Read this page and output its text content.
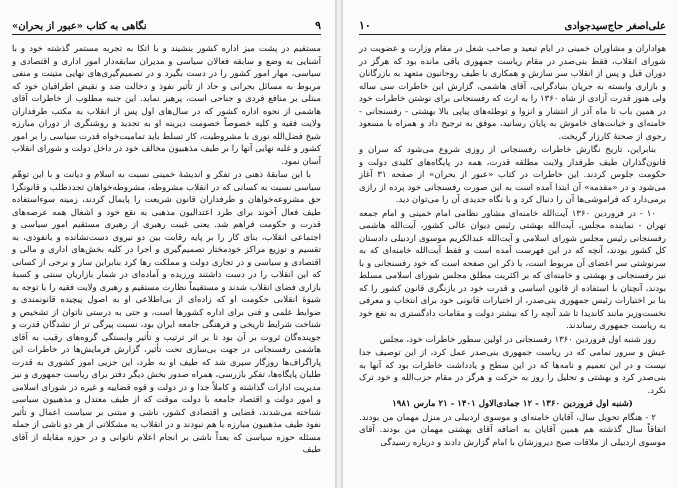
۹
نگاهی به کتاب «عبور از بحران»

مستقیم در پشت میز اداره کشور بنشیند و با اتکا به تجربه مستمر گذشته خود و با آشنایی به وضع و سابقه فعالان سیاسی و مدیران سابقه‌دار امور اداری و اقتصادی و سیاسی، مهار امور کشور را در دست بگیرد و در تصمیم‌گیری‌های نهایی متینت و منفی مربوط به مسائل بحرانی و حاد از تأثیر نفوذ و دخالت ضد و نقیض اطرافیان خود که مبتلی بر منافع فردی و جناحی است، پرهیز نماید. این جنبه مطلوب از خاطرات آقای هاشمی از نحوه اداره کشور که در سال‌های اول پس از انقلاب به مکتب طرفداران ولایت فقیه و کلیه خصوصاً خصومت دیرینه او به تجدید و روشنگری از دوران مبارزه شیخ فضل‌الله نوری با مشروطیت، کار تسلط باید تمامیت‌خواه قدرت سیاسی را بر امور کشور و غلبه نهایی آنها را بر طیف مذهبیون مخالف خود در داخل دولت و شورای انقلاب آسان نمود.

با این سابقهٔ ذهنی در تفکر و اندیشهٔ خمینی نسبت به اسلام و دیانت و با این توهّم سیاسی نسبت به کسانی که در انقلاب مشروطه، مشروطه‌خواهان تجددطلب و قانونگرا حق مشروعه‌خواهان و طرفداران قانون شریعت را پایمال کردند، زمینه سوءاستفاده طیف فعال آخوند برای طرد اعتدالیون مذهبی به نقع خود و اشغال همه عرصه‌های قدرت و حکومت فراهم شد. یعنی غیبت رهبری از رهبری مستقیم امور سیاسی و اجتماعی انقلاب، بنای کار را بر پایه رقابت بین دو نیروی دست‌نشانده و بانفوذی، به تقسیم و توزیع مراکز خودمختار تصمیم‌گیری و اجرا در کلیه بخش‌های اداری و مالی و اقتصادی و سیاسی و در تجاری دولت و مملکت رها کرد بنابراین ساز و برخی از کسانی که این انقلاب را در دست داشتند ورزیده و آماده‌ای در شمار بازاریان سنتی و کسبهٔ بازاری فضای انقلاب شدند و مستقیماً نظارت مستقیم و رهبری ولایت فقیه را با توجه به شیوهٔ انقلابی حکومت او که زاده‌ای از بی‌اطلاعی او به اصول پیچیده قانونمندی و ضوابط علمی و فنی برای اداره کشورها است، و حتی به درستی ناتوان از تشخیص و شناخت شرایط تاریخی و فرهنگی جامعه ایران بود، نسبت پیرگی تر از نشدگان قدرت و جوینده‌گان ثروت بر آن بود تا بر اثر ترتیب و تأثیر وابستگی گروه‌های رقیب به آقای هاشمی رفسنجانی در جهت بی‌سازی تحت تأثیر، گزارش فرمایش‌ها در خاطرات این پاراگراف‌ها روزگار سپری شد که طیف او به طرد، این جزیی امور کشوری به قدرت طلبان پایگاه‌ها، تفکر بازرسی، همراه صدور بخش دیگر دفتر برای ریاست جمهوری و نیز مدیریت ادارات گذاشته و کاملاً جدا و در دولت و قوه قضاییه و غیره در شورای اسلامی و امور دولت و اقتصاد جامعه با دولت موقت که از طیف معتدل و مذهبیون سیاسی شناخته می‌شدند، قضایی و اقتصادی کشور، ناشی و مبتنی بر سیاست اعمال و تأثیر نفوذ طیف مذهبیون مبارزه با هم نبودند و در انقلاب به مشکلاتی از هر دو ناشی از جمله مسئله حوزه سیاسی که بعداً ناشی بر انجام اعلام ناتوانی و در حوزه مقابله از آقای طیف

علی‌اصغر حاج‌سیدجوادی
۱۰

هواداران و مشاوران خمینی در ایام تبعید و صاحب شغل در مقام وزارت و عضویت در شورای انقلاب، فقط بنی‌صدر در مقام ریاست جمهوری باقی مانده بود که هرگز در دوران قبل و پس از انقلاب سر سازش و همکاری با طیف روحانیون متعهد به بازرگانان و بازاری وابسته به جریان بنیادگرایی، آقای هاشمی، گزارش این خاطرات سی ساله ولی هنوز قدرت آزادی از شاه ۱۳۶۰ را به ارث که رفسنجانی برای نوشتن خاطرات خود در همین باب تا ماه آذر از انتشار و انزوا و توطئه‌های پیاپی بالا بهشتی - رفسنجانی - خامنه‌ای و خیانت‌های خاموش به پایان رسانید، موفق به ترجیح داد و همراه با مسعود رجوی از صحنهٔ کارزار گریخت.

بنابراین، تاریخ نگارش خاطرات رفسنجانی از روزی شروع می‌شود که سران و قانون‌گذاران طیف طرفدار ولایت مطلقه قدرت، همه در پایگاه‌های کلیدی دولت و حکومت جلوس کردند. این خاطرات در کتاب «عبور از بحران» از صفحه ۳۱ آغاز می‌شود و در «مقدمه» آن ابتدا آمده است به این صورت رفسنجانی خود پرده از رازی برمی‌دارد که فراموشی‌ها آن را دنبال کرد و با نگاه جدیدی آن را می‌توان دید.

۱۰ - در فروردین ۱۳۶۰ آیت‌الله خامنه‌ای مشاور نظامی امام خمینی و امام جمعه تهران - نماینده مجلس، آیت‌الله بهشتی رئیس دیوان عالی کشور، آیت‌الله هاشمی رفسنجانی رئیس مجلس شورای اسلامی و آیت‌الله عبدالکریم موسوی اردبیلی دادستان کل کشور بودند، آنچه که در این فهرست آمده است و فقط آیت‌الله خامنه‌ای که به سرنوشتی سر اعضای آن مربوط است، با ذکر این صفحه است که خود رفسنجانی و با نیز رفسنجانی و بهشتی و خامنه‌ای که بر اکثریت مطلق مجلس شورای اسلامی مسلط بودند، آنچنان با استفاده از قانون اساسی و قدرت خود در بازنگری قانون کشور را که بنا بر اختیارات رئیس جمهوری بنی‌صدر، از اختیارات قانونی خود برای انتخاب و معرفی نخست‌وزیر مانند کاندیدا تا شد آنچه را که بیشتر دولت و مقامات دادگستری به نفع خود به ریاست جمهوری رساندند.

روز شنبه اول فروردین ۱۳۶۰ رفسنجانی در اولین سطور خاطرات خود، مجلس

عیش و سرور تمامی که در ریاست جمهوری بنی‌صدر عمل کرد، از این توصیف جدا نیست و در این تعمیم و نامه‌ها که در این سطح و یادداشت خاطرات بود که آنها به بنی‌صدر کرد و بهشتی و تحلیل را روز به حرکت و هرگز در مقام حزب‌الله و خود ترک نکرد.

(شنبه اول فروردین ۱۳۶۰ - ۱۲ جمادی‌الاول ۱۴۰۱ - ۲۱ مارس ۱۹۸۱

۲ - هنگام تحویل سال، آقایان خامنه‌ای و موسوی اردبیلی در منزل مهمان من بودند. اتفاقاً سال گذشته هم همین آقایان به اضافه آقای بهشتی مهمان من بودند. آقای موسوی اردبیلی از ملاقات صبح دیروزشان با امام گزارش دادند و درباره رسیدگی
